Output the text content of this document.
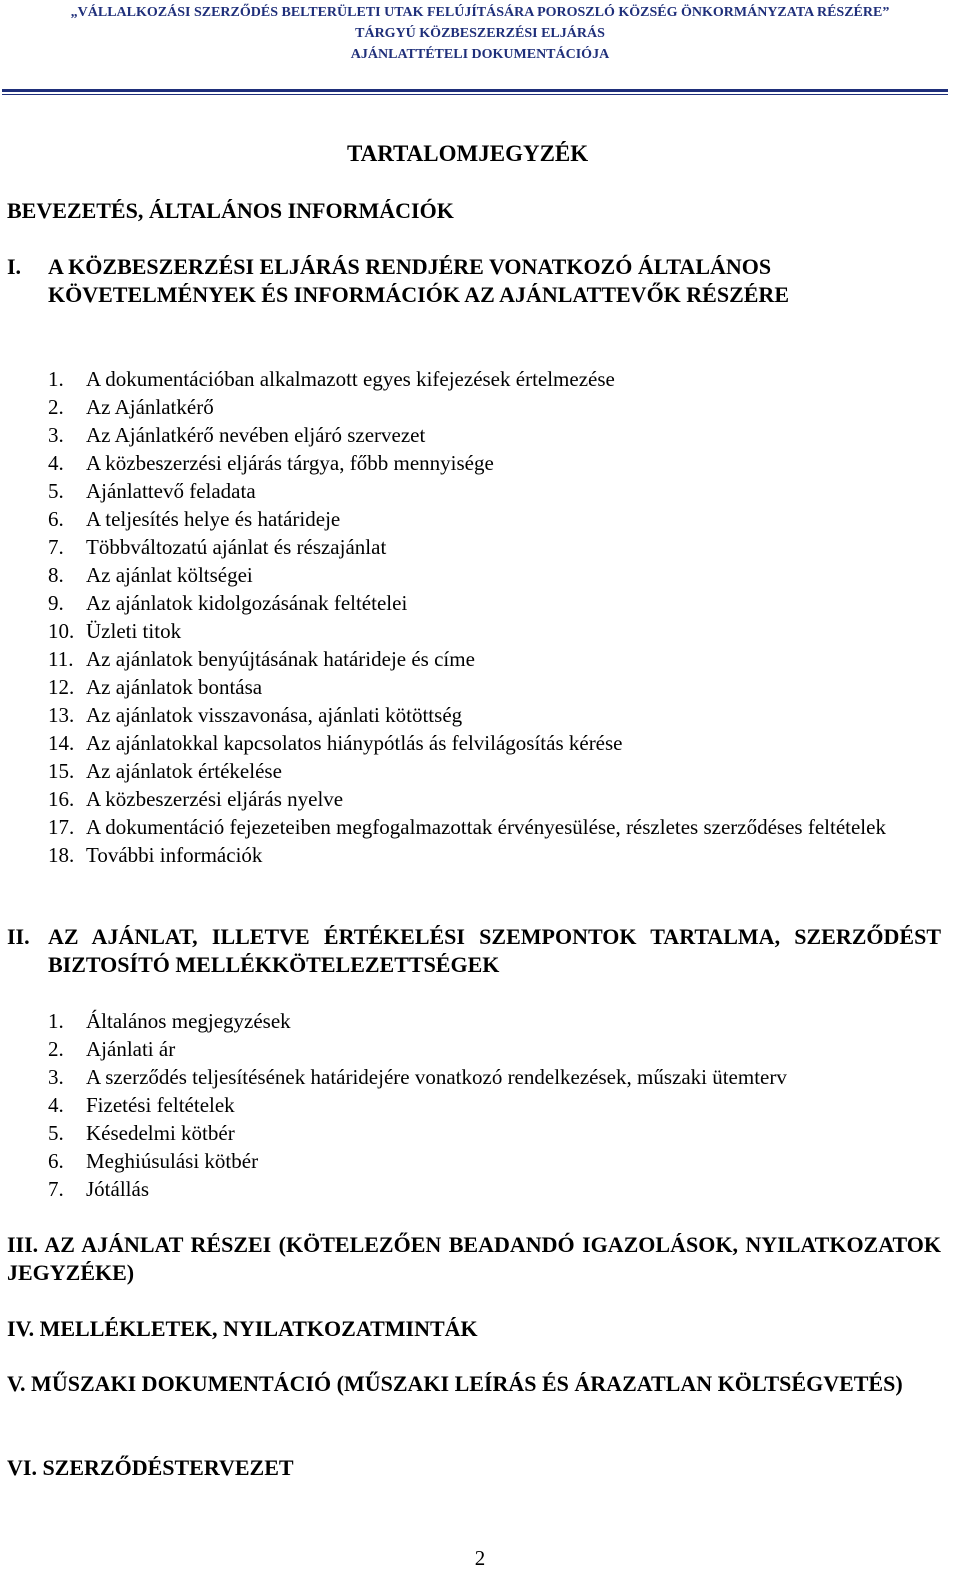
„VÁLLALKOZÁSI SZERZŐDÉS BELTERÜLETI UTAK FELÚJÍTÁSÁRA POROSZLÓ KÖZSÉG ÖNKORMÁNYZATA RÉSZÉRE”
TÁRGYÚ KÖZBESZERZÉSI ELJÁRÁS
AJÁNLATTÉTELI DOKUMENTÁCIÓJA
TARTALOMJEGYZÉK
BEVEZETÉS, ÁLTALÁNOS INFORMÁCIÓK
I.	A KÖZBESZERZÉSI ELJÁRÁS RENDJÉRE VONATKOZÓ ÁLTALÁNOS KÖVETELMÉNYEK ÉS INFORMÁCIÓK AZ AJÁNLATTEVŐK RÉSZÉRE
1.	A dokumentációban alkalmazott egyes kifejezések értelmezése
2.	Az Ajánlatkérő
3.	Az Ajánlatkérő nevében eljáró szervezet
4.	A közbeszerzési eljárás tárgya, főbb mennyisége
5.	Ajánlattevő feladata
6.	A teljesítés helye és határideje
7.	Többváltozatú ajánlat és részajánlat
8.	Az ajánlat költségei
9.	Az ajánlatok kidolgozásának feltételei
10. Üzleti titok
11. Az ajánlatok benyújtásának határideje és címe
12. Az ajánlatok bontása
13. Az ajánlatok visszavonása, ajánlati kötöttség
14. Az ajánlatokkal kapcsolatos hiánypótlás ás felvilágosítás kérése
15. Az ajánlatok értékelése
16. A közbeszerzési eljárás nyelve
17. A dokumentáció fejezeteiben megfogalmazottak érvényesülése, részletes szerződéses feltételek
18. További információk
II. AZ AJÁNLAT, ILLETVE ÉRTÉKELÉSI SZEMPONTOK TARTALMA, SZERZŐDÉST BIZTOSÍTÓ MELLÉKKÖTELEZETTSÉGEK
1.	Általános megjegyzések
2.	Ajánlati ár
3.	A szerződés teljesítésének határidejére vonatkozó rendelkezések, műszaki ütemterv
4.	Fizetési feltételek
5.	Késedelmi kötbér
6.	Meghiúsulási kötbér
7.	Jótállás
III. AZ AJÁNLAT RÉSZEI (KÖTELEZŐEN BEADANDÓ IGAZOLÁSOK, NYILATKOZATOK JEGYZÉKE)
IV. MELLÉKLETEK, NYILATKOZATMINTÁK
V. MŰSZAKI DOKUMENTÁCIÓ (MŰSZAKI LEÍRÁS ÉS ÁRAZATLAN KÖLTSÉGVETÉS)
VI. SZERZŐDÉSTERVEZET
2
